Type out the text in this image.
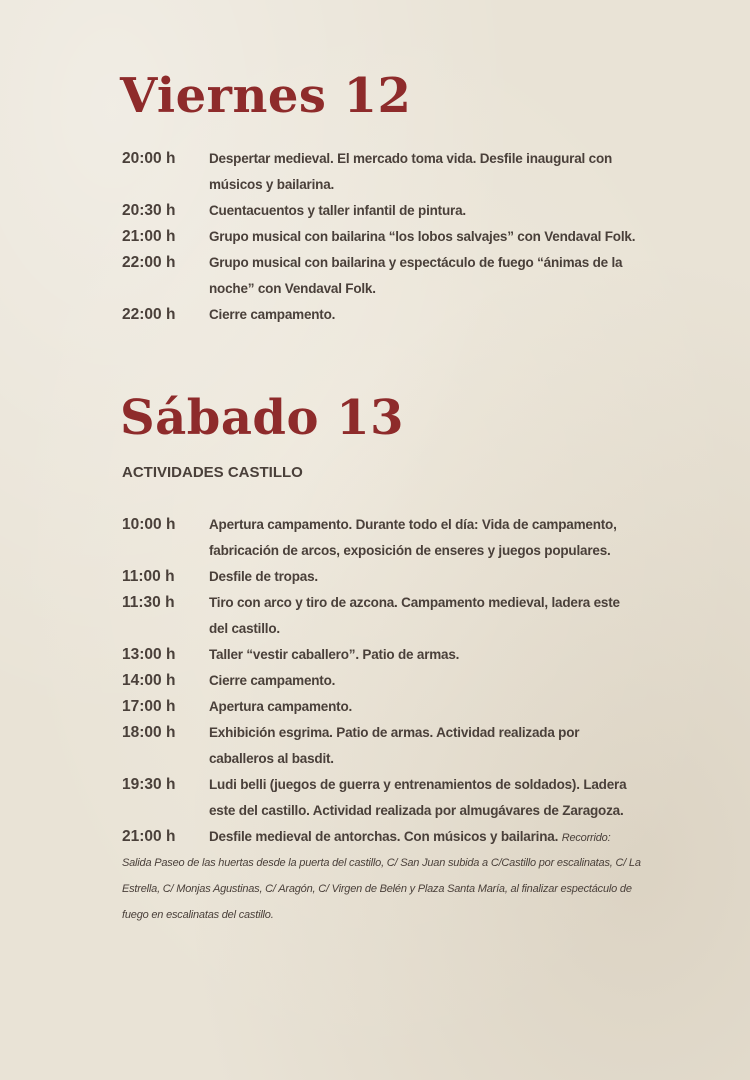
Viernes 12
20:00 h	Despertar medieval. El mercado toma vida. Desfile inaugural con músicos y bailarina.
20:30 h	Cuentacuentos y taller infantil de pintura.
21:00 h	Grupo musical con bailarina “los lobos salvajes” con Vendaval Folk.
22:00 h	Grupo musical con bailarina y espectáculo de fuego “ánimas de la noche” con Vendaval Folk.
22:00 h	Cierre campamento.
Sábado 13
ACTIVIDADES CASTILLO
10:00 h	Apertura campamento. Durante todo el día: Vida de campamento, fabricación de arcos, exposición de enseres y juegos populares.
11:00 h	Desfile de tropas.
11:30 h	Tiro con arco y tiro de azcona. Campamento medieval, ladera este del castillo.
13:00 h	Taller “vestir caballero”. Patio de armas.
14:00 h	Cierre campamento.
17:00 h	Apertura campamento.
18:00 h	Exhibición esgrima. Patio de armas. Actividad realizada por caballeros al basdit.
19:30 h	Ludi belli (juegos de guerra y entrenamientos de soldados). Ladera este del castillo. Actividad realizada por almugávares de Zaragoza.
21:00 h	Desfile medieval de antorchas. Con músicos y bailarina. Recorrido:
Salida Paseo de las huertas desde la puerta del castillo, C/ San Juan subida a C/Castillo por escalinatas, C/ La Estrella, C/ Monjas Agustinas, C/ Aragón, C/ Virgen de Belén y Plaza Santa María, al finalizar espectáculo de fuego en escalinatas del castillo.
